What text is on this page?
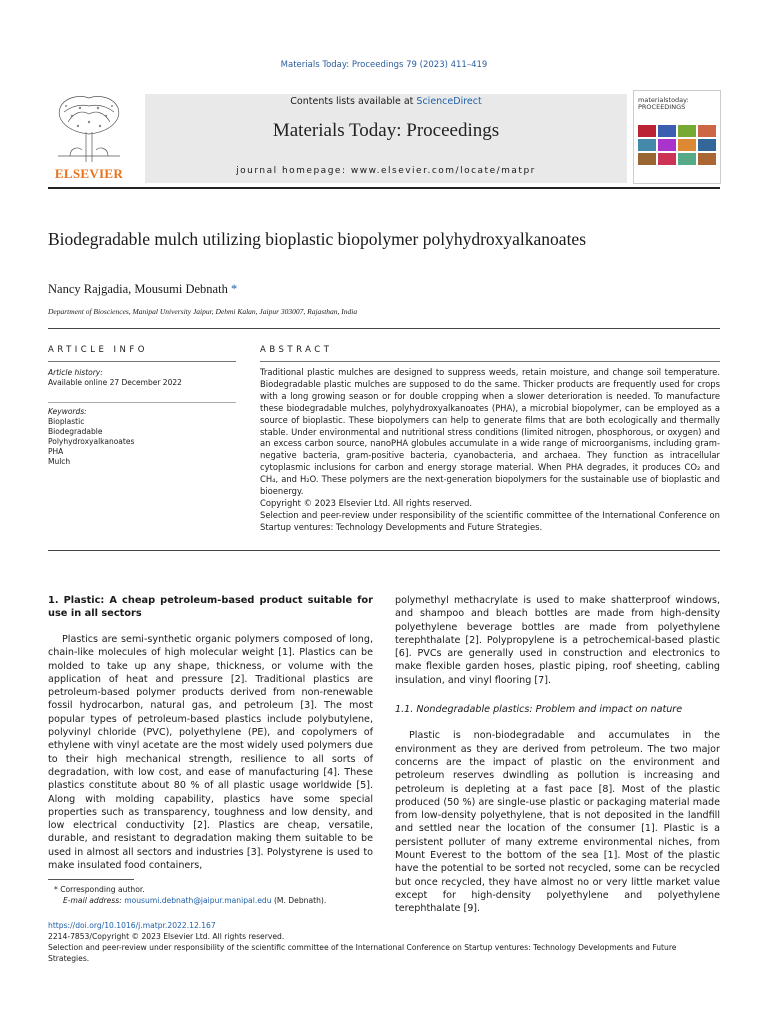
Materials Today: Proceedings 79 (2023) 411–419
ELSEVIER
Contents lists available at ScienceDirect
Materials Today: Proceedings
journal homepage: www.elsevier.com/locate/matpr
materialstoday: PROCEEDINGS
Biodegradable mulch utilizing bioplastic biopolymer polyhydroxyalkanoates
Nancy Rajgadia, Mousumi Debnath *
Department of Biosciences, Manipal University Jaipur, Dehmi Kalan, Jaipur 303007, Rajasthan, India
ARTICLE INFO
Article history:
Available online 27 December 2022
Keywords:
Bioplastic
Biodegradable
Polyhydroxyalkanoates
PHA
Mulch
ABSTRACT

Traditional plastic mulches are designed to suppress weeds, retain moisture, and change soil temperature. Biodegradable plastic mulches are supposed to do the same. Thicker products are frequently used for crops with a long growing season or for double cropping when a slower deterioration is needed. To manufacture these biodegradable mulches, polyhydroxyalkanoates (PHA), a microbial biopolymer, can be employed as a source of bioplastic. These biopolymers can help to generate films that are both ecologically and thermally stable. Under environmental and nutritional stress conditions (limited nitrogen, phosphorous, or oxygen) and an excess carbon source, nanoPHA globules accumulate in a wide range of microorganisms, including gram-negative bacteria, gram-positive bacteria, cyanobacteria, and archaea. They function as intracellular cytoplasmic inclusions for carbon and energy storage material. When PHA degrades, it produces CO₂ and CH₄, and H₂O. These polymers are the next-generation biopolymers for the sustainable use of bioplastic and bioenergy.

Copyright © 2023 Elsevier Ltd. All rights reserved.

Selection and peer-review under responsibility of the scientific committee of the International Conference on Startup ventures: Technology Developments and Future Strategies.

1. Plastic: A cheap petroleum-based product suitable for use in all sectors

Plastics are semi-synthetic organic polymers composed of long, chain-like molecules of high molecular weight [1]. Plastics can be molded to take up any shape, thickness, or volume with the application of heat and pressure [2]. Traditional plastics are petroleum-based polymer products derived from non-renewable fossil hydrocarbon, natural gas, and petroleum [3]. The most popular types of petroleum-based plastics include polybutylene, polyvinyl chloride (PVC), polyethylene (PE), and copolymers of ethylene with vinyl acetate are the most widely used polymers due to their high mechanical strength, resilience to all sorts of degradation, with low cost, and ease of manufacturing [4]. These plastics constitute about 80 % of all plastic usage worldwide [5]. Along with molding capability, plastics have some special properties such as transparency, toughness and low density, and low electrical conductivity [2]. Plastics are cheap, versatile, durable, and resistant to degradation making them suitable to be used in almost all sectors and industries [3]. Polystyrene is used to make insulated food containers,

polymethyl methacrylate is used to make shatterproof windows, and shampoo and bleach bottles are made from high-density polyethylene beverage bottles are made from polyethylene terephthalate [2]. Polypropylene is a petrochemical-based plastic [6]. PVCs are generally used in construction and electronics to make flexible garden hoses, plastic piping, roof sheeting, cabling insulation, and vinyl flooring [7].

1.1. Nondegradable plastics: Problem and impact on nature

Plastic is non-biodegradable and accumulates in the environment as they are derived from petroleum. The two major concerns are the impact of plastic on the environment and petroleum reserves dwindling as pollution is increasing and petroleum is depleting at a fast pace [8]. Most of the plastic produced (50 %) are single-use plastic or packaging material made from low-density polyethylene, that is not deposited in the landfill and settled near the location of the consumer [1]. Plastic is a persistent polluter of many extreme environmental niches, from Mount Everest to the bottom of the sea [1]. Most of the plastic have the potential to be sorted not recycled, some can be recycled but once recycled, they have almost no or very little market value except for high-density polyethylene and polyethylene terephthalate [9].

* Corresponding author.
E-mail address: mousumi.debnath@jaipur.manipal.edu (M. Debnath).
https://doi.org/10.1016/j.matpr.2022.12.167
2214-7853/Copyright © 2023 Elsevier Ltd. All rights reserved.
Selection and peer-review under responsibility of the scientific committee of the International Conference on Startup ventures: Technology Developments and Future Strategies.
